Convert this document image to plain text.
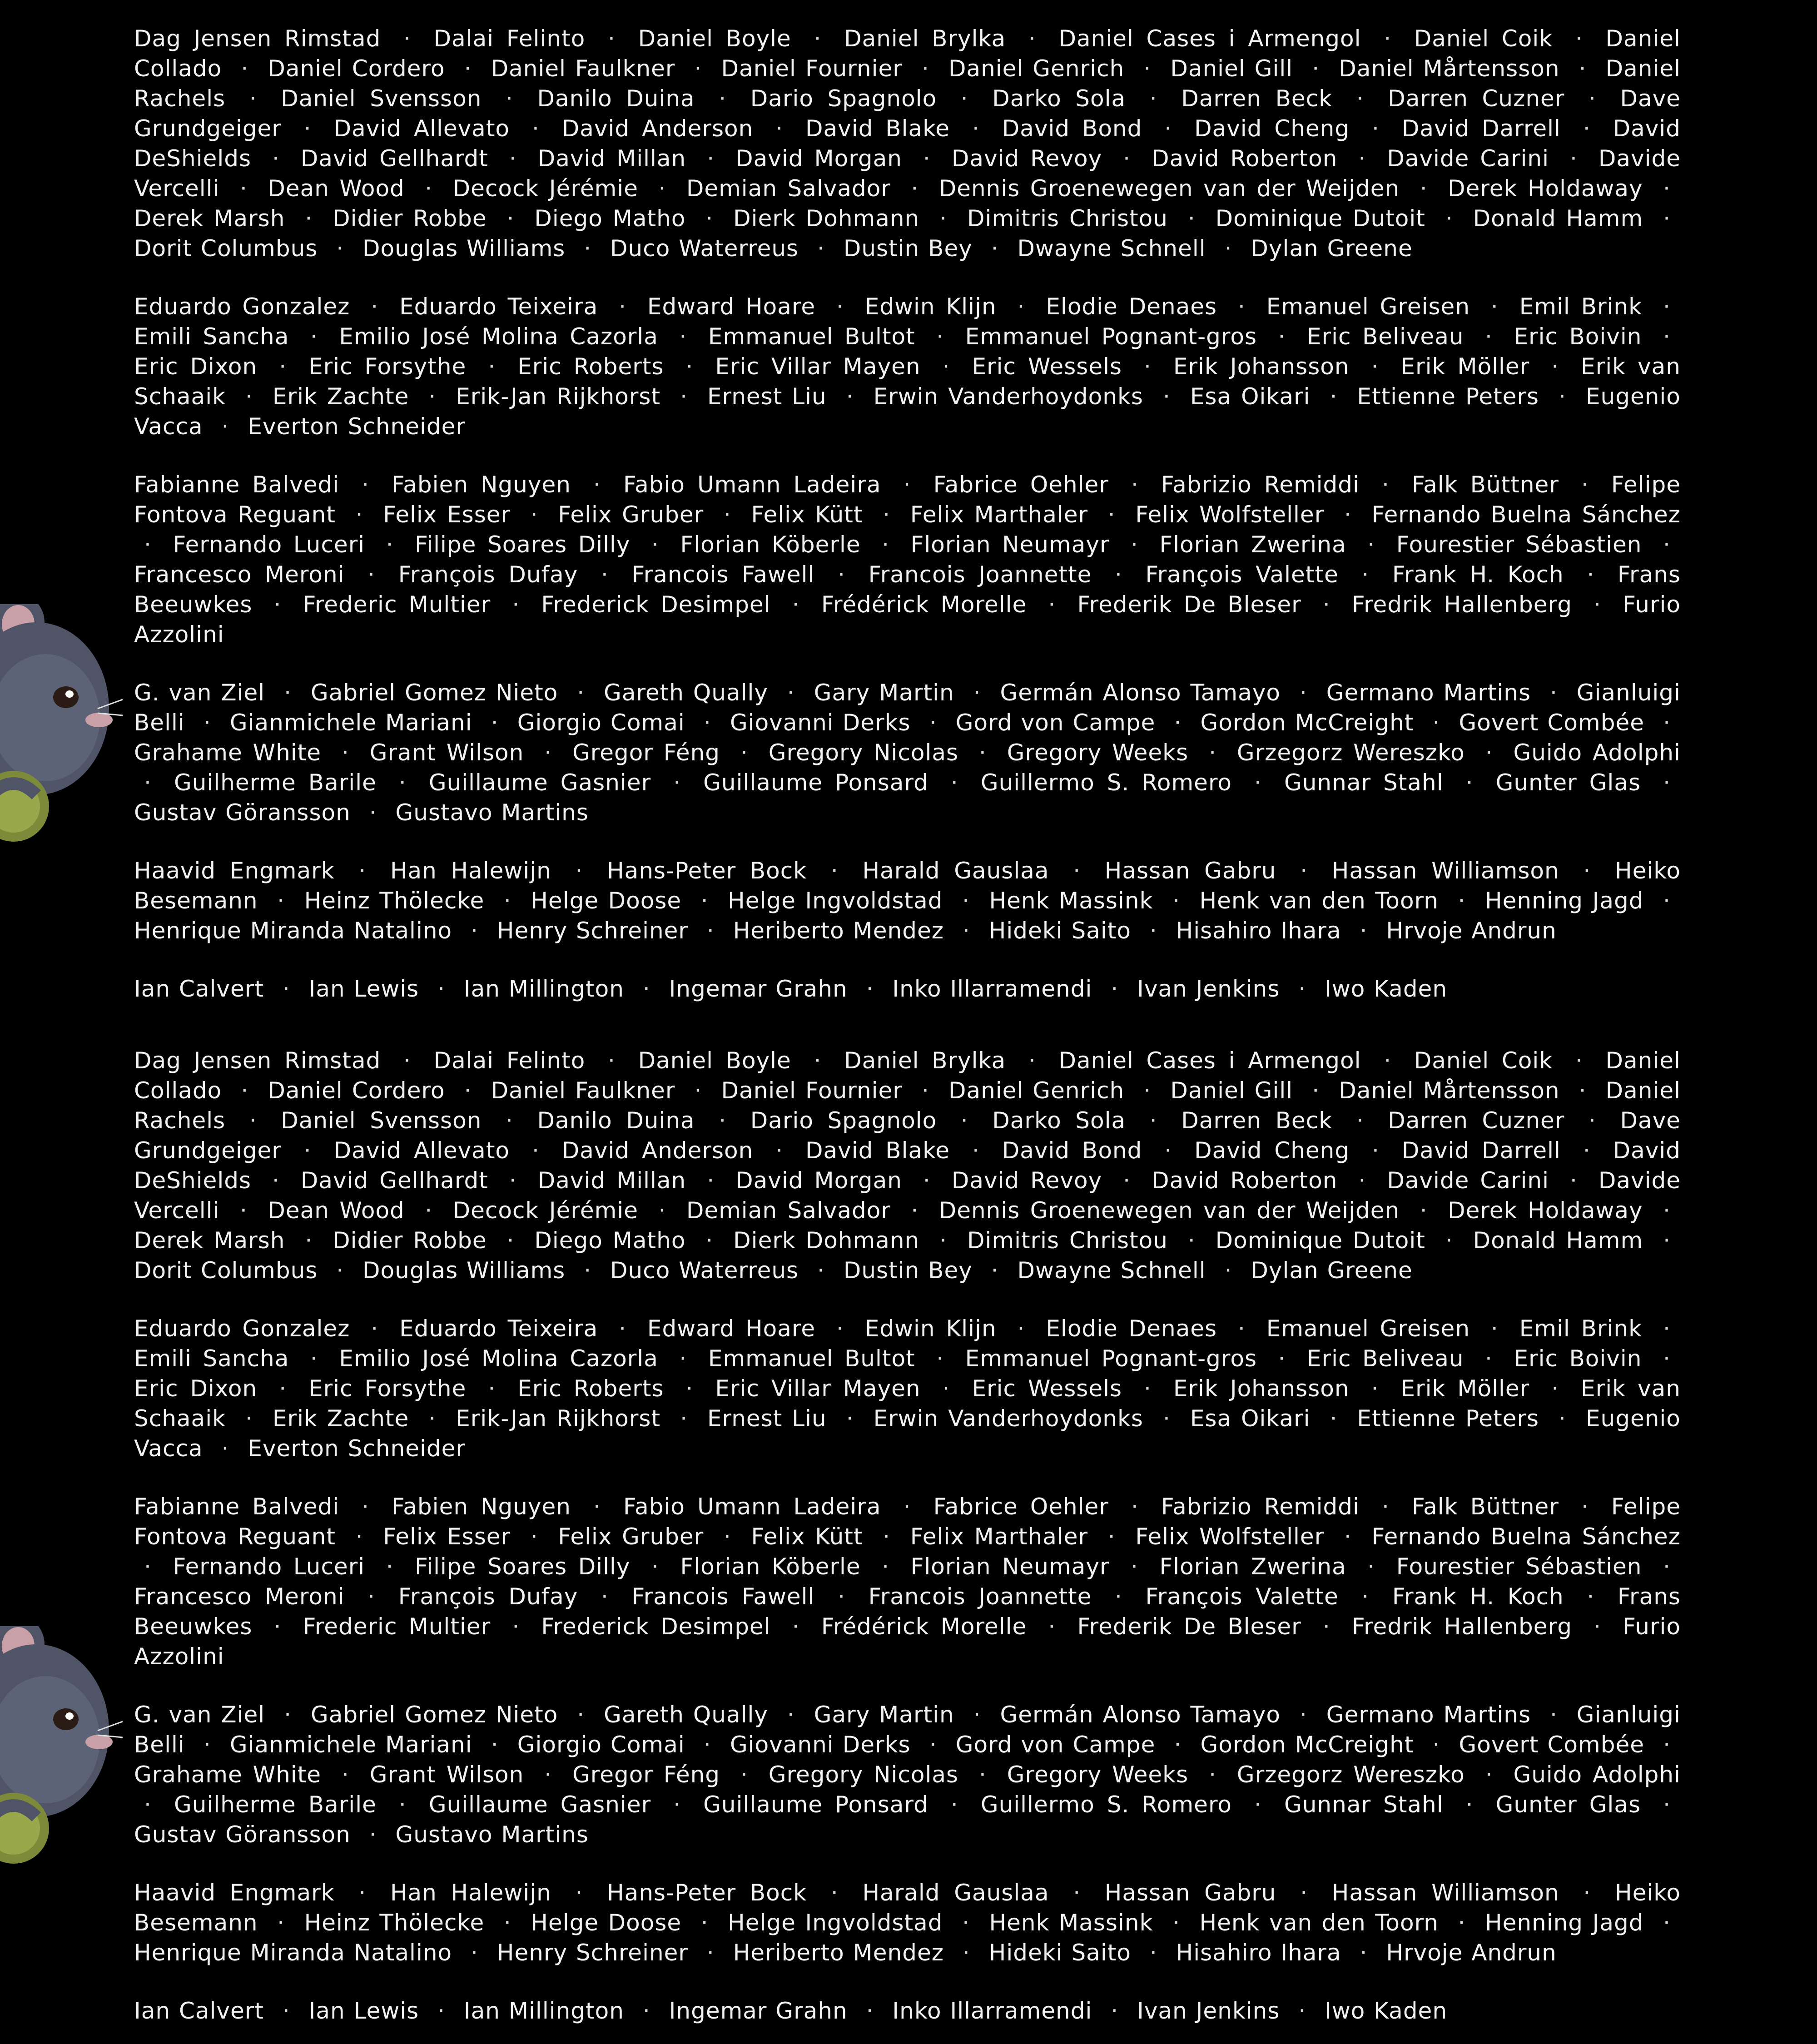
Dag Jensen Rimstad · Dalai Felinto · Daniel Boyle · Daniel Brylka · Daniel Cases i Armengol · Daniel Coik · Daniel Collado · Daniel Cordero · Daniel Faulkner · Daniel Fournier · Daniel Genrich · Daniel Gill · Daniel Mårtensson · Daniel Rachels · Daniel Svensson · Danilo Duina · Dario Spagnolo · Darko Sola · Darren Beck · Darren Cuzner · Dave Grundgeiger · David Allevato · David Anderson · David Blake · David Bond · David Cheng · David Darrell · David DeShields · David Gellhardt · David Millan · David Morgan · David Revoy · David Roberton · Davide Carini · Davide Vercelli · Dean Wood · Decock Jérémie · Demian Salvador · Dennis Groenewegen van der Weijden · Derek Holdaway · Derek Marsh · Didier Robbe · Diego Matho · Dierk Dohmann · Dimitris Christou · Dominique Dutoit · Donald Hamm · Dorit Columbus · Douglas Williams · Duco Waterreus · Dustin Bey · Dwayne Schnell · Dylan Greene

Eduardo Gonzalez · Eduardo Teixeira · Edward Hoare · Edwin Klijn · Elodie Denaes · Emanuel Greisen · Emil Brink · Emili Sancha · Emilio José Molina Cazorla · Emmanuel Bultot · Emmanuel Pognant-gros · Eric Beliveau · Eric Boivin · Eric Dixon · Eric Forsythe · Eric Roberts · Eric Villar Mayen · Eric Wessels · Erik Johansson · Erik Möller · Erik van Schaaik · Erik Zachte · Erik-Jan Rijkhorst · Ernest Liu · Erwin Vanderhoydonks · Esa Oikari · Ettienne Peters · Eugenio Vacca · Everton Schneider

Fabianne Balvedi · Fabien Nguyen · Fabio Umann Ladeira · Fabrice Oehler · Fabrizio Remiddi · Falk Büttner · Felipe Fontova Reguant · Felix Esser · Felix Gruber · Felix Kütt · Felix Marthaler · Felix Wolfsteller · Fernando Buelna Sánchez · Fernando Luceri · Filipe Soares Dilly · Florian Köberle · Florian Neumayr · Florian Zwerina · Fourestier Sébastien · Francesco Meroni · François Dufay · Francois Fawell · Francois Joannette · François Valette · Frank H. Koch · Frans Beeuwkes · Frederic Multier · Frederick Desimpel · Frédérick Morelle · Frederik De Bleser · Fredrik Hallenberg · Furio Azzolini

G. van Ziel · Gabriel Gomez Nieto · Gareth Qually · Gary Martin · Germán Alonso Tamayo · Germano Martins · Gianluigi Belli · Gianmichele Mariani · Giorgio Comai · Giovanni Derks · Gord von Campe · Gordon McCreight · Govert Combée · Grahame White · Grant Wilson · Gregor Féng · Gregory Nicolas · Gregory Weeks · Grzegorz Wereszko · Guido Adolphi · Guilherme Barile · Guillaume Gasnier · Guillaume Ponsard · Guillermo S. Romero · Gunnar Stahl · Gunter Glas · Gustav Göransson · Gustavo Martins

Haavid Engmark · Han Halewijn · Hans-Peter Bock · Harald Gauslaa · Hassan Gabru · Hassan Williamson · Heiko Besemann · Heinz Thölecke · Helge Doose · Helge Ingvoldstad · Henk Massink · Henk van den Toorn · Henning Jagd · Henrique Miranda Natalino · Henry Schreiner · Heriberto Mendez · Hideki Saito · Hisahiro Ihara · Hrvoje Andrun

Ian Calvert · Ian Lewis · Ian Millington · Ingemar Grahn · Inko Illarramendi · Ivan Jenkins · Iwo Kaden

Dag Jensen Rimstad · Dalai Felinto · Daniel Boyle · Daniel Brylka · Daniel Cases i Armengol · Daniel Coik · Daniel Collado · Daniel Cordero · Daniel Faulkner · Daniel Fournier · Daniel Genrich · Daniel Gill · Daniel Mårtensson · Daniel Rachels · Daniel Svensson · Danilo Duina · Dario Spagnolo · Darko Sola · Darren Beck · Darren Cuzner · Dave Grundgeiger · David Allevato · David Anderson · David Blake · David Bond · David Cheng · David Darrell · David DeShields · David Gellhardt · David Millan · David Morgan · David Revoy · David Roberton · Davide Carini · Davide Vercelli · Dean Wood · Decock Jérémie · Demian Salvador · Dennis Groenewegen van der Weijden · Derek Holdaway · Derek Marsh · Didier Robbe · Diego Matho · Dierk Dohmann · Dimitris Christou · Dominique Dutoit · Donald Hamm · Dorit Columbus · Douglas Williams · Duco Waterreus · Dustin Bey · Dwayne Schnell · Dylan Greene

Eduardo Gonzalez · Eduardo Teixeira · Edward Hoare · Edwin Klijn · Elodie Denaes · Emanuel Greisen · Emil Brink · Emili Sancha · Emilio José Molina Cazorla · Emmanuel Bultot · Emmanuel Pognant-gros · Eric Beliveau · Eric Boivin · Eric Dixon · Eric Forsythe · Eric Roberts · Eric Villar Mayen · Eric Wessels · Erik Johansson · Erik Möller · Erik van Schaaik · Erik Zachte · Erik-Jan Rijkhorst · Ernest Liu · Erwin Vanderhoydonks · Esa Oikari · Ettienne Peters · Eugenio Vacca · Everton Schneider

Fabianne Balvedi · Fabien Nguyen · Fabio Umann Ladeira · Fabrice Oehler · Fabrizio Remiddi · Falk Büttner · Felipe Fontova Reguant · Felix Esser · Felix Gruber · Felix Kütt · Felix Marthaler · Felix Wolfsteller · Fernando Buelna Sánchez · Fernando Luceri · Filipe Soares Dilly · Florian Köberle · Florian Neumayr · Florian Zwerina · Fourestier Sébastien · Francesco Meroni · François Dufay · Francois Fawell · Francois Joannette · François Valette · Frank H. Koch · Frans Beeuwkes · Frederic Multier · Frederick Desimpel · Frédérick Morelle · Frederik De Bleser · Fredrik Hallenberg · Furio Azzolini

G. van Ziel · Gabriel Gomez Nieto · Gareth Qually · Gary Martin · Germán Alonso Tamayo · Germano Martins · Gianluigi Belli · Gianmichele Mariani · Giorgio Comai · Giovanni Derks · Gord von Campe · Gordon McCreight · Govert Combée · Grahame White · Grant Wilson · Gregor Féng · Gregory Nicolas · Gregory Weeks · Grzegorz Wereszko · Guido Adolphi · Guilherme Barile · Guillaume Gasnier · Guillaume Ponsard · Guillermo S. Romero · Gunnar Stahl · Gunter Glas · Gustav Göransson · Gustavo Martins

Haavid Engmark · Han Halewijn · Hans-Peter Bock · Harald Gauslaa · Hassan Gabru · Hassan Williamson · Heiko Besemann · Heinz Thölecke · Helge Doose · Helge Ingvoldstad · Henk Massink · Henk van den Toorn · Henning Jagd · Henrique Miranda Natalino · Henry Schreiner · Heriberto Mendez · Hideki Saito · Hisahiro Ihara · Hrvoje Andrun

Ian Calvert · Ian Lewis · Ian Millington · Ingemar Grahn · Inko Illarramendi · Ivan Jenkins · Iwo Kaden
